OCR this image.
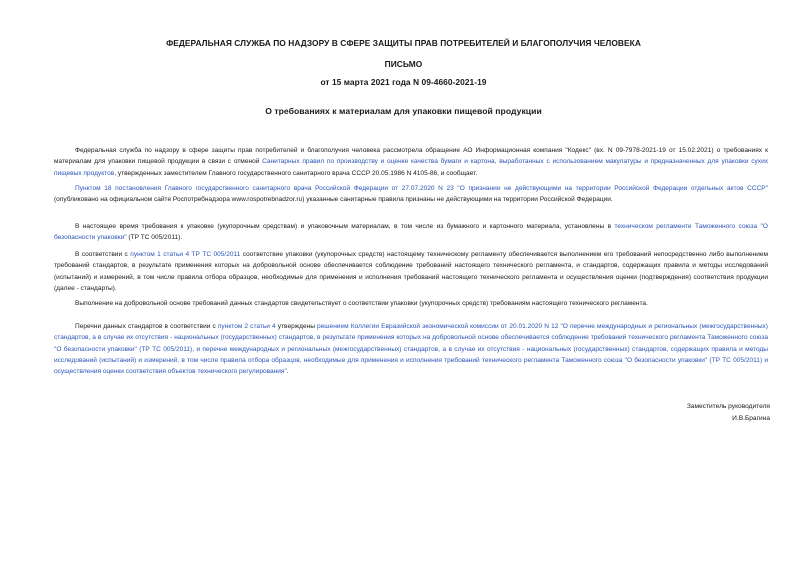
ФЕДЕРАЛЬНАЯ СЛУЖБА ПО НАДЗОРУ В СФЕРЕ ЗАЩИТЫ ПРАВ ПОТРЕБИТЕЛЕЙ И БЛАГОПОЛУЧИЯ ЧЕЛОВЕКА
ПИСЬМО
от 15 марта 2021 года N 09-4660-2021-19
О требованиях к материалам для упаковки пищевой продукции

Федеральная служба по надзору в сфере защиты прав потребителей и благополучия человека рассмотрела обращение АО Информационная компания "Кодекс" (вх. N 09-7978-2021-19 от 15.02.2021) о требованиях к материалам для упаковки пищевой продукции в связи с отменой Санитарных правил по производству и оценке качества бумаги и картона, выработанных с использованием макулатуры и предназначенных для упаковки сухих пищевых продуктов, утвержденных заместителем Главного государственного санитарного врача СССР 20.05.1986 N 4105-86, и сообщает.

Пунктом 18 постановления Главного государственного санитарного врача Российской Федерации от 27.07.2020 N 23 "О признании не действующими на территории Российской Федерации отдельных актов СССР" (опубликовано на официальном сайте Роспотребнадзора www.rospotrebnadzor.ru) указанные санитарные правила признаны не действующими на территории Российской Федерации.

В настоящее время требования к упаковке (укупорочным средствам) и упаковочным материалам, в том числе из бумажного и картонного материала, установлены в техническом регламенте Таможенного союза "О безопасности упаковки" (ТР ТС 005/2011).

В соответствии с пунктом 1 статьи 4 ТР ТС 005/2011 соответствие упаковки (укупорочных средств) настоящему техническому регламенту обеспечивается выполнением его требований непосредственно либо выполнением требований стандартов, в результате применения которых на добровольной основе обеспечивается соблюдение требований настоящего технического регламента, и стандартов, содержащих правила и методы исследований (испытаний) и измерений, в том числе правила отбора образцов, необходимые для применения и исполнения требований настоящего технического регламента и осуществления оценки (подтверждения) соответствия продукции (далее - стандарты).

Выполнение на добровольной основе требований данных стандартов свидетельствует о соответствии упаковки (укупорочных средств) требованиям настоящего технического регламента.

Перечни данных стандартов в соответствии с пунктом 2 статьи 4 утверждены решением Коллегии Евразийской экономической комиссии от 20.01.2020 N 12 "О перечне международных и региональных (межгосударственных) стандартов, а в случае их отсутствия - национальных (государственных) стандартов, в результате применения которых на добровольной основе обеспечивается соблюдение требований технического регламента Таможенного союза "О безопасности упаковки" (ТР ТС 005/2011), и перечне международных и региональных (межгосударственных) стандартов, а в случае их отсутствия - национальных (государственных) стандартов, содержащих правила и методы исследований (испытаний) и измерений, в том числе правила отбора образцов, необходимые для применения и исполнения требований технического регламента Таможенного союза "О безопасности упаковки" (ТР ТС 005/2011) и осуществления оценки соответствия объектов технического регулирования".

Заместитель руководителя
И.В.Брагина
